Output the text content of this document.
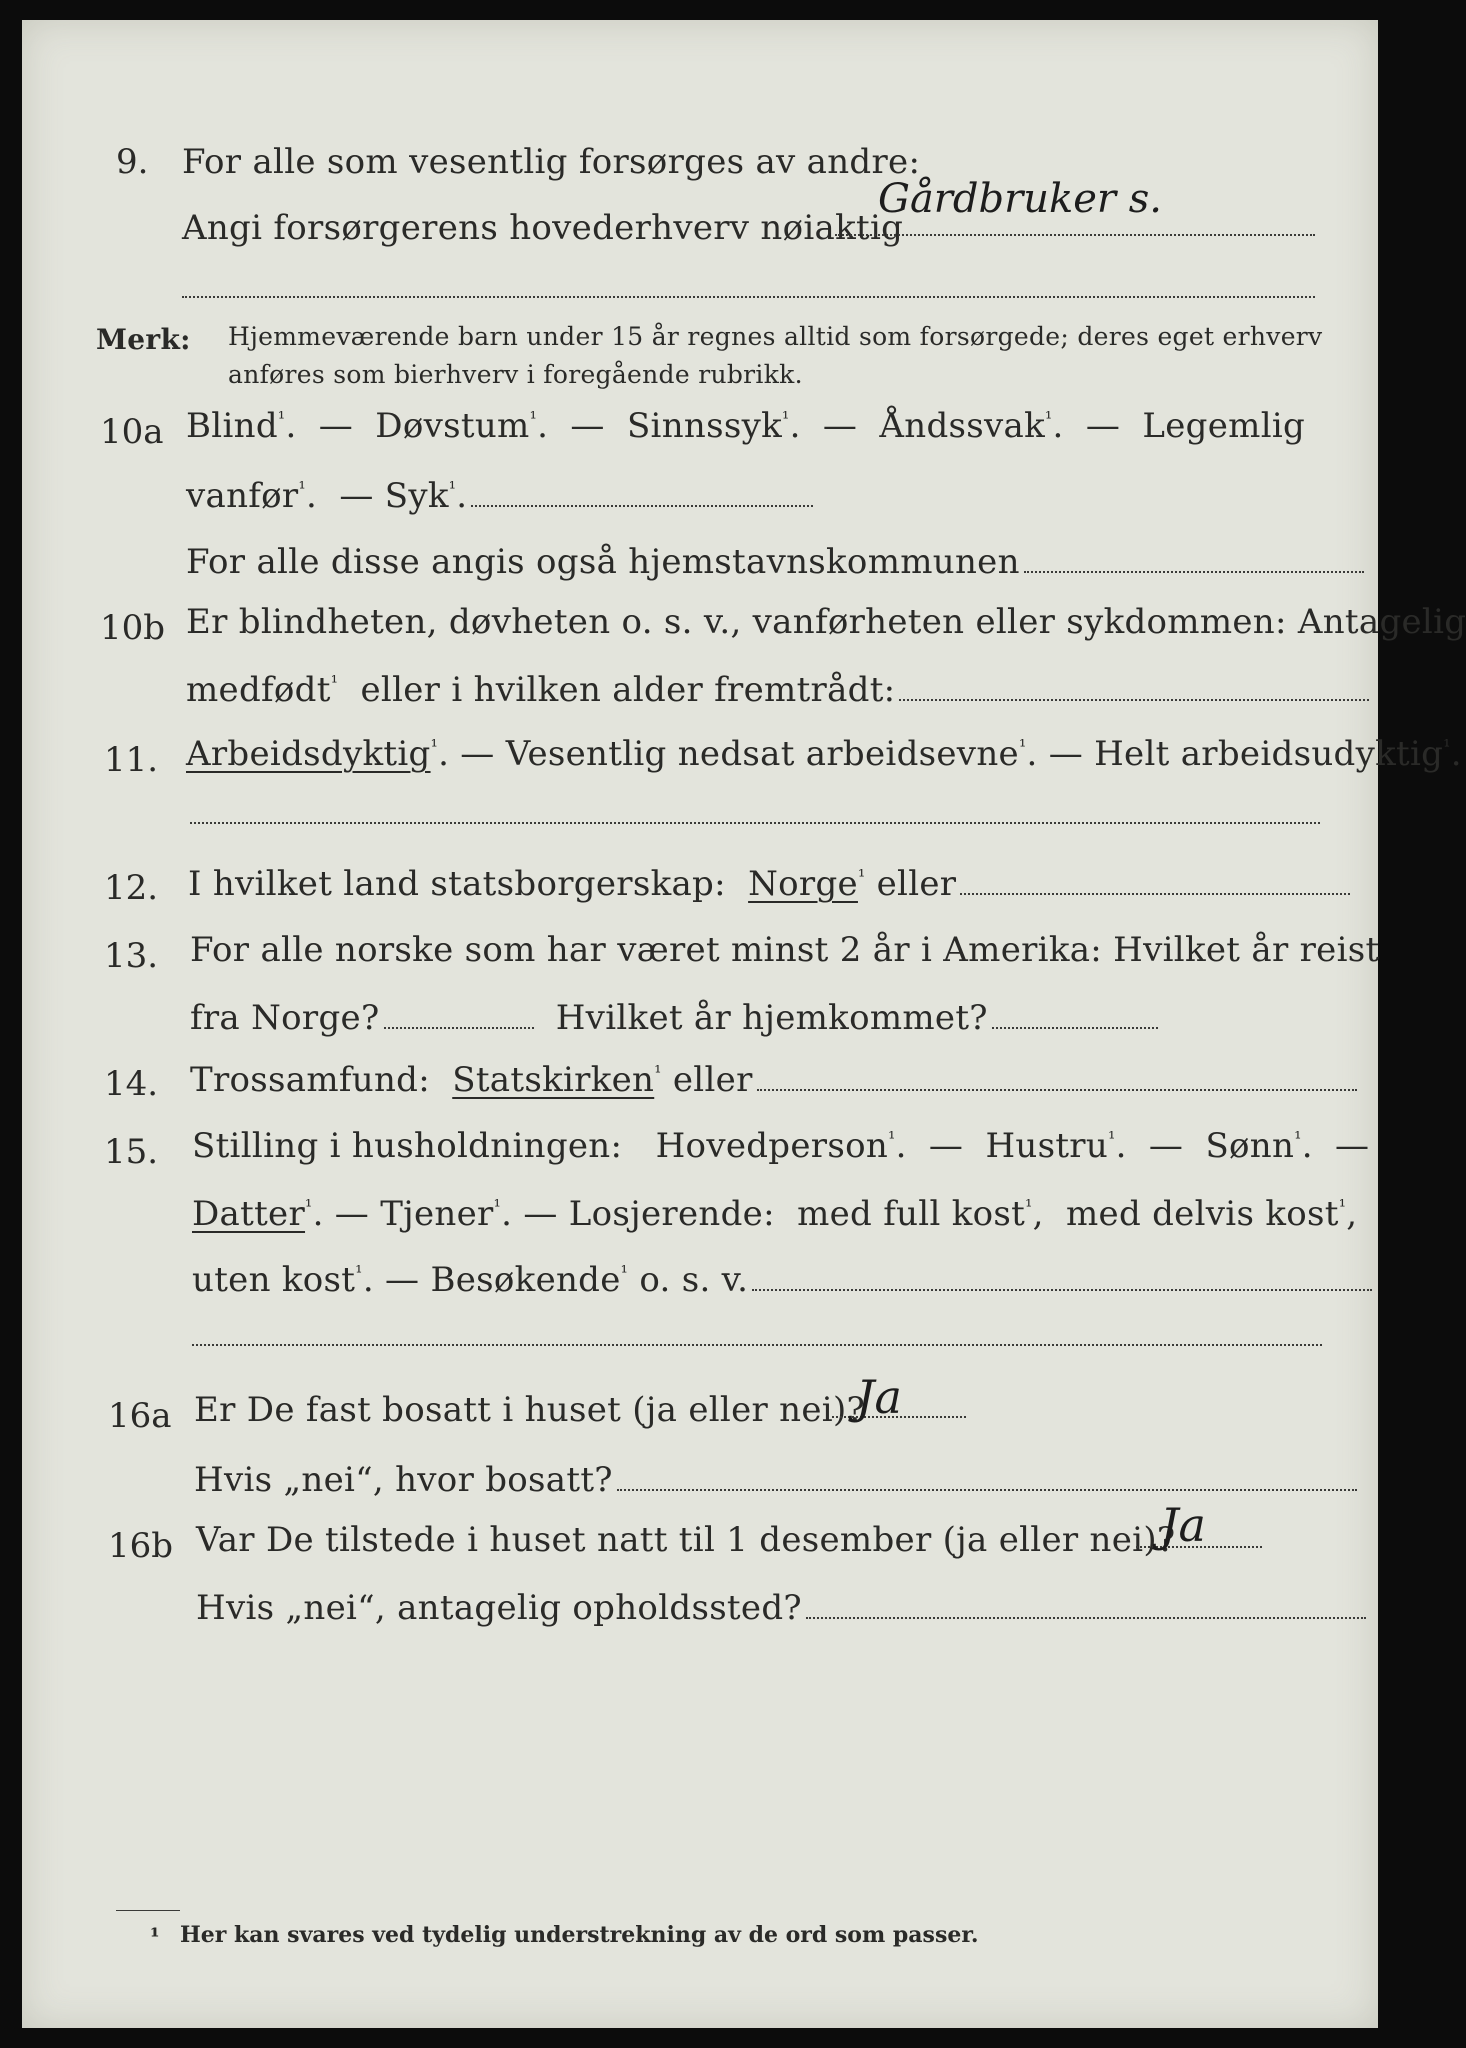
9. For alle som vesentlig forsørges av andre:
Angi forsørgerens hovederhverv nøiaktig
Gårdbruker s.
Merk: Hjemmeværende barn under 15 år regnes alltid som forsørgede; deres eget erhverv
anføres som bierhverv i foregående rubrikk.
10a Blind$^{^1}$.  —  Døvstum$^{^1}$.  —  Sinnssyk$^{^1}$.  —  Åndssvak$^{^1}$.  —  Legemlig
vanfør$^{^1}$.  — Syk$^{^1}$.
For alle disse angis også hjemstavnskommunen
10b Er blindheten, døvheten o. s. v., vanførheten eller sykdommen: Antagelig
medfødt$^{^1}$ eller i hvilken alder fremtrådt:
11. Arbeidsdyktig$^{^1}$. — Vesentlig nedsat arbeidsevne$^{^1}$. — Helt arbeidsudyktig$^{^1}$.
12. I hvilket land statsborgerskap: Norge$^{^1}$ eller
13. For alle norske som har været minst 2 år i Amerika: Hvilket år reist
fra Norge?	Hvilket år hjemkommet?
14. Trossamfund: Statskirken$^{^1}$ eller
15. Stilling i husholdningen: Hovedperson$^{^1}$.  —  Hustru$^{^1}$.  —  Sønn$^{^1}$.  —
Datter$^{^1}$. — Tjener$^{^1}$. — Losjerende: med full kost$^{^1}$,  med delvis kost$^{^1}$,
uten kost$^{^1}$. — Besøkende$^{^1}$ o. s. v.
16a Er De fast bosatt i huset (ja eller nei)?
Ja
Hvis „nei“, hvor bosatt?
16b Var De tilstede i huset natt til 1 desember (ja eller nei)?
Ja
Hvis „nei“, antagelig opholdssted?
¹ Her kan svares ved tydelig understrekning av de ord som passer.
